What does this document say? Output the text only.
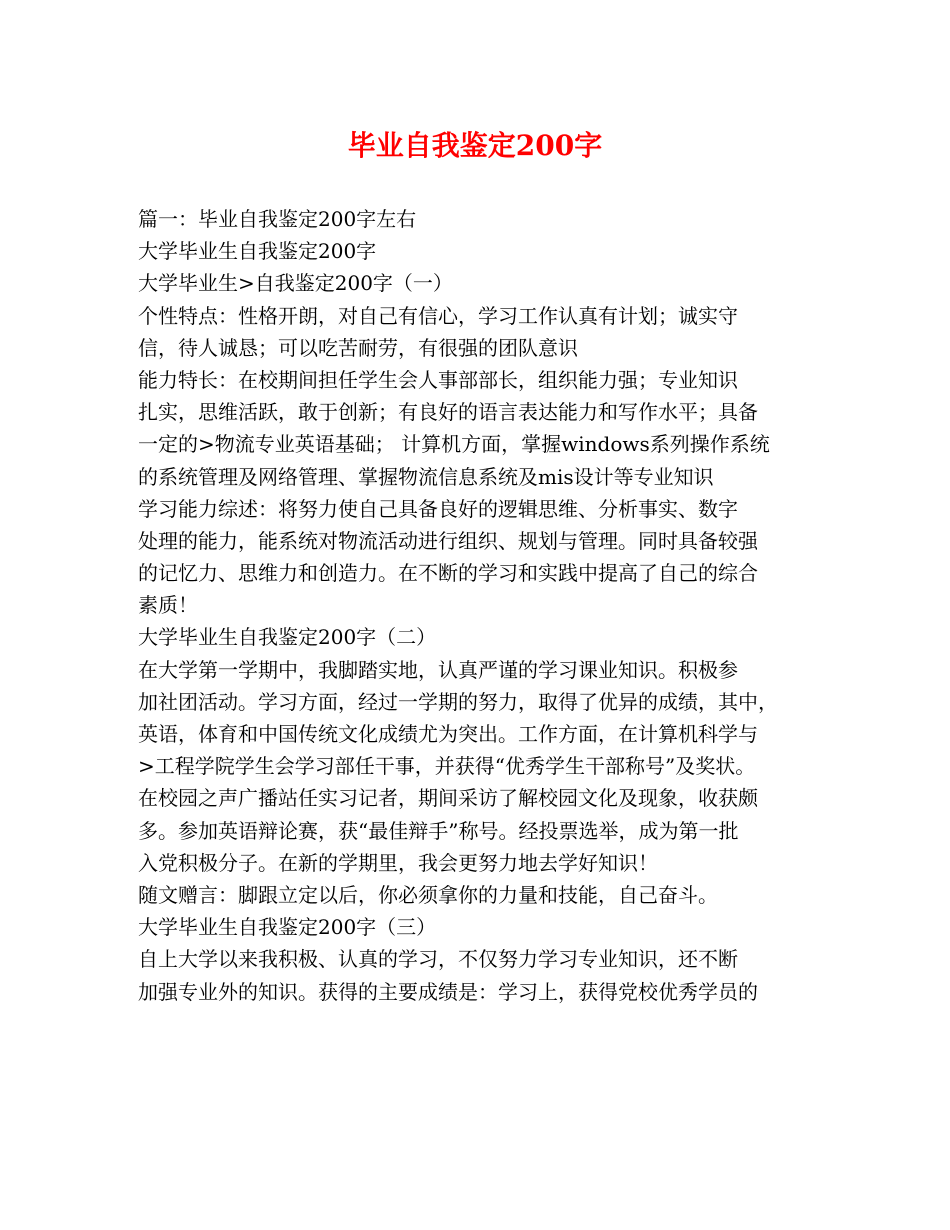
毕业自我鉴定200字
篇一：毕业自我鉴定200字左右
大学毕业生自我鉴定200字
大学毕业生>自我鉴定200字（一）
个性特点：性格开朗，对自己有信心，学习工作认真有计划；诚实守
信，待人诚恳；可以吃苦耐劳，有很强的团队意识
能力特长：在校期间担任学生会人事部部长，组织能力强；专业知识
扎实，思维活跃，敢于创新；有良好的语言表达能力和写作水平；具备
一定的>物流专业英语基础； 计算机方面，掌握windows系列操作系统
的系统管理及网络管理、掌握物流信息系统及mis设计等专业知识
学习能力综述：将努力使自己具备良好的逻辑思维、分析事实、数字
处理的能力，能系统对物流活动进行组织、规划与管理。同时具备较强
的记忆力、思维力和创造力。在不断的学习和实践中提高了自己的综合
素质！
大学毕业生自我鉴定200字（二）
在大学第一学期中，我脚踏实地，认真严谨的学习课业知识。积极参
加社团活动。学习方面，经过一学期的努力，取得了优异的成绩，其中，
英语，体育和中国传统文化成绩尤为突出。工作方面，在计算机科学与
>工程学院学生会学习部任干事，并获得“优秀学生干部称号”及奖状。
在校园之声广播站任实习记者，期间采访了解校园文化及现象，收获颇
多。参加英语辩论赛，获“最佳辩手”称号。经投票选举，成为第一批
入党积极分子。在新的学期里，我会更努力地去学好知识！
随文赠言：脚跟立定以后，你必须拿你的力量和技能，自己奋斗。
大学毕业生自我鉴定200字（三）
自上大学以来我积极、认真的学习，不仅努力学习专业知识，还不断
加强专业外的知识。获得的主要成绩是：学习上，获得党校优秀学员的
